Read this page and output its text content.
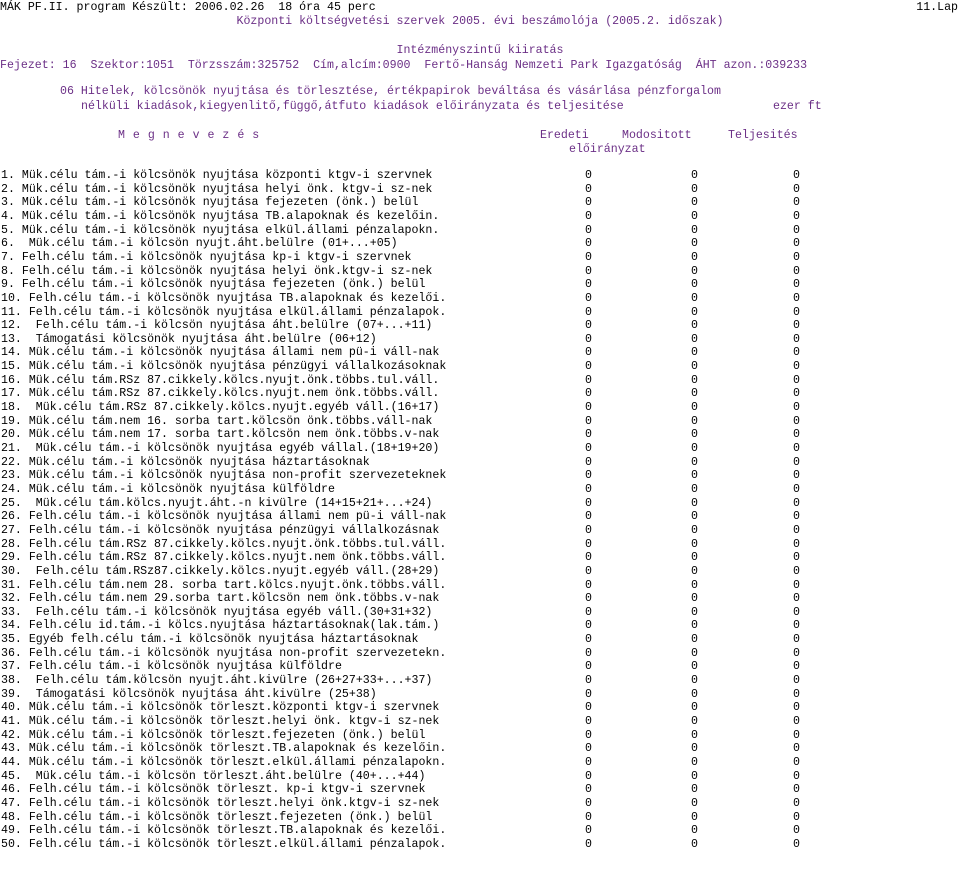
MÁK PF.II. program Készült: 2006.02.26  18 óra 45 perc	11.Lap
Központi költségvetési szervek 2005. évi beszámolója (2005.2. időszak)
Intézményszintű kiiratás
Fejezet: 16  Szektor:1051  Törzsszám:325752  Cím,alcím:0900  Fertő-Hanság Nemzeti Park Igazgatóság  ÁHT azon.:039233
06 Hitelek, kölcsönök nyujtása és törlesztése, értékpapirok beváltása és vásárlása pénzforgalom
nélküli kiadások,kiegyenlitő,függő,átfuto kiadások előirányzata és teljesitése	ezer ft
M e g n e v e z é s	Eredeti	Modositott	Teljesités
előirányzat
1. Mük.célu tám.-i kölcsönök nyujtása központi ktgv-i szervnek	0	0	0
2. Mük.célu tám.-i kölcsönök nyujtása helyi önk. ktgv-i sz-nek	0	0	0
3. Mük.célu tám.-i kölcsönök nyujtása fejezeten (önk.) belül	0	0	0
4. Mük.célu tám.-i kölcsönök nyujtása TB.alapoknak és kezelőin.	0	0	0
5. Mük.célu tám.-i kölcsönök nyujtása elkül.állami pénzalapokn.	0	0	0
6.  Mük.célu tám.-i kölcsön nyujt.áht.belülre (01+...+05)	0	0	0
7. Felh.célu tám.-i kölcsönök nyujtása kp-i ktgv-i szervnek	0	0	0
8. Felh.célu tám.-i kölcsönök nyujtása helyi önk.ktgv-i sz-nek	0	0	0
9. Felh.célu tám.-i kölcsönök nyujtása fejezeten (önk.) belül	0	0	0
10. Felh.célu tám.-i kölcsönök nyujtása TB.alapoknak és kezelői.	0	0	0
11. Felh.célu tám.-i kölcsönök nyujtása elkül.állami pénzalapok.	0	0	0
12.  Felh.célu tám.-i kölcsön nyujtása áht.belülre (07+...+11)	0	0	0
13.  Támogatási kölcsönök nyujtása áht.belülre (06+12)	0	0	0
14. Mük.célu tám.-i kölcsönök nyujtása állami nem pü-i váll-nak	0	0	0
15. Mük.célu tám.-i kölcsönök nyujtása pénzügyi vállalkozásoknak	0	0	0
16. Mük.célu tám.RSz 87.cikkely.kölcs.nyujt.önk.többs.tul.váll.	0	0	0
17. Mük.célu tám.RSz 87.cikkely.kölcs.nyujt.nem önk.többs.váll.	0	0	0
18.  Mük.célu tám.RSz 87.cikkely.kölcs.nyujt.egyéb váll.(16+17)	0	0	0
19. Mük.célu tám.nem 16. sorba tart.kölcsön önk.többs.váll-nak	0	0	0
20. Mük.célu tám.nem 17. sorba tart.kölcsön nem önk.többs.v-nak	0	0	0
21.  Mük.célu tám.-i kölcsönök nyujtása egyéb vállal.(18+19+20)	0	0	0
22. Mük.célu tám.-i kölcsönök nyujtása háztartásoknak	0	0	0
23. Mük.célu tám.-i kölcsönök nyujtása non-profit szervezeteknek	0	0	0
24. Mük.célu tám.-i kölcsönök nyujtása külföldre	0	0	0
25.  Mük.célu tám.kölcs.nyujt.áht.-n kivülre (14+15+21+...+24)	0	0	0
26. Felh.célu tám.-i kölcsönök nyujtása állami nem pü-i váll-nak	0	0	0
27. Felh.célu tám.-i kölcsönök nyujtása pénzügyi vállalkozásnak	0	0	0
28. Felh.célu tám.RSz 87.cikkely.kölcs.nyujt.önk.többs.tul.váll.	0	0	0
29. Felh.célu tám.RSz 87.cikkely.kölcs.nyujt.nem önk.többs.váll.	0	0	0
30.  Felh.célu tám.RSz87.cikkely.kölcs.nyujt.egyéb váll.(28+29)	0	0	0
31. Felh.célu tám.nem 28. sorba tart.kölcs.nyujt.önk.többs.váll.	0	0	0
32. Felh.célu tám.nem 29.sorba tart.kölcsön nem önk.többs.v-nak	0	0	0
33.  Felh.célu tám.-i kölcsönök nyujtása egyéb váll.(30+31+32)	0	0	0
34. Felh.célu id.tám.-i kölcs.nyujtása háztartásoknak(lak.tám.)	0	0	0
35. Egyéb felh.célu tám.-i kölcsönök nyujtása háztartásoknak	0	0	0
36. Felh.célu tám.-i kölcsönök nyujtása non-profit szervezetekn.	0	0	0
37. Felh.célu tám.-i kölcsönök nyujtása külföldre	0	0	0
38.  Felh.célu tám.kölcsön nyujt.áht.kivülre (26+27+33+...+37)	0	0	0
39.  Támogatási kölcsönök nyujtása áht.kivülre (25+38)	0	0	0
40. Mük.célu tám.-i kölcsönök törleszt.központi ktgv-i szervnek	0	0	0
41. Mük.célu tám.-i kölcsönök törleszt.helyi önk. ktgv-i sz-nek	0	0	0
42. Mük.célu tám.-i kölcsönök törleszt.fejezeten (önk.) belül	0	0	0
43. Mük.célu tám.-i kölcsönök törleszt.TB.alapoknak és kezelőin.	0	0	0
44. Mük.célu tám.-i kölcsönök törleszt.elkül.állami pénzalapokn.	0	0	0
45.  Mük.célu tám.-i kölcsön törleszt.áht.belülre (40+...+44)	0	0	0
46. Felh.célu tám.-i kölcsönök törleszt. kp-i ktgv-i szervnek	0	0	0
47. Felh.célu tám.-i kölcsönök törleszt.helyi önk.ktgv-i sz-nek	0	0	0
48. Felh.célu tám.-i kölcsönök törleszt.fejezeten (önk.) belül	0	0	0
49. Felh.célu tám.-i kölcsönök törleszt.TB.alapoknak és kezelői.	0	0	0
50. Felh.célu tám.-i kölcsönök törleszt.elkül.állami pénzalapok.	0	0	0
